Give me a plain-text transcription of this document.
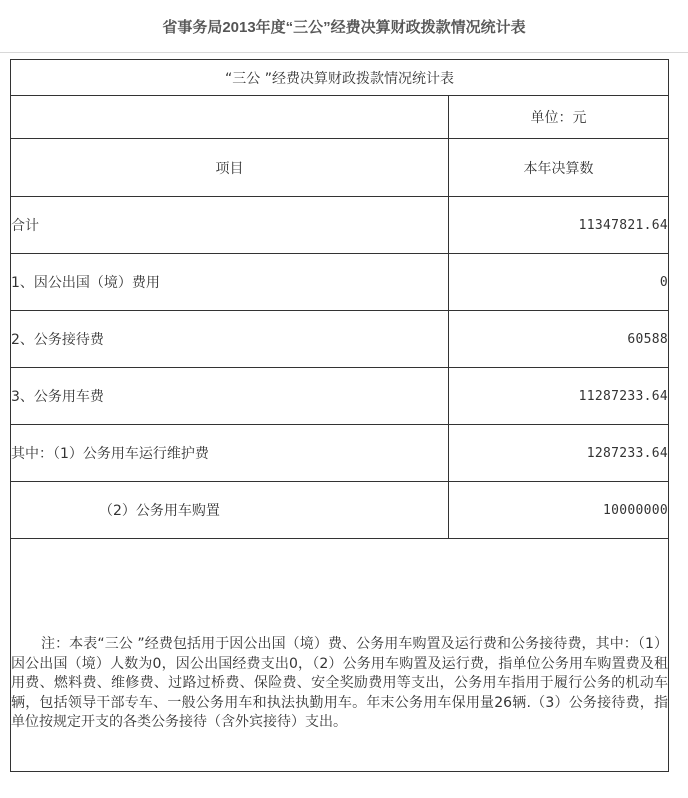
省事务局2013年度“三公”经费决算财政拨款情况统计表
“三公 ”经费决算财政拨款情况统计表	
	单位：元
项目	本年决算数
合计	11347821.64
1、因公出国（境）费用	0
2、公务接待费	60588
3、公务用车费	11287233.64
其中：（1）公务用车运行维护费	1287233.64
（2）公务用车购置	10000000

注：本表“三公 ”经费包括用于因公出国（境）费、公务用车购置及运行费和公务接待费，其中：（1）因公出国（境）人数为0，因公出国经费支出0，（2）公务用车购置及运行费，指单位公务用车购置费及租用费、燃料费、维修费、过路过桥费、保险费、安全奖励费用等支出，公务用车指用于履行公务的机动车辆，包括领导干部专车、一般公务用车和执法执勤用车。年末公务用车保用量26辆.（3）公务接待费，指单位按规定开支的各类公务接待（含外宾接待）支出。	
